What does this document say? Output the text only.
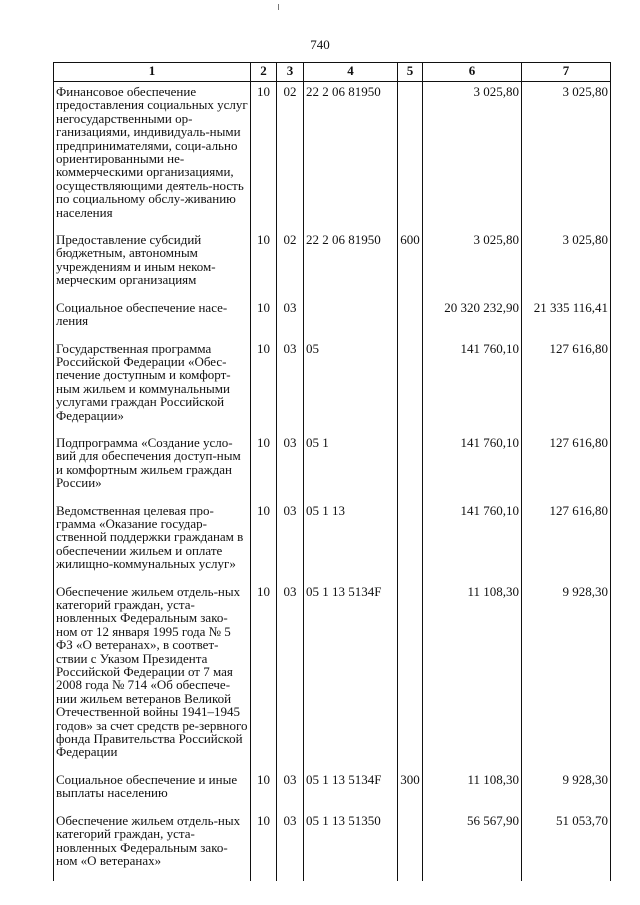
740
1	2	3	4	5	6	7
Финансовое обеспечение предоставления социальных услуг негосударственными ор-ганизациями, индивидуаль-ными предпринимателями, соци-ально ориентированными не-коммерческими организациями, осуществляющими деятель-ность по социальному обслу-живанию населения	10	02	22 2 06 81950		3 025,80	3 025,80
Предоставление субсидий бюджетным, автономным учреждениям и иным неком-мерческим организациям	10	02	22 2 06 81950	600	3 025,80	3 025,80
Социальное обеспечение насе-ления	10	03			20 320 232,90	21 335 116,41
Государственная программа Российской Федерации «Обес-печение доступным и комфорт-ным жильем и коммунальными услугами граждан Российской Федерации»	10	03	05		141 760,10	127 616,80
Подпрограмма «Создание усло-вий для обеспечения доступ-ным и комфортным жильем граждан России»	10	03	05 1		141 760,10	127 616,80
Ведомственная целевая про-грамма «Оказание государ-ственной поддержки гражданам в обеспечении жильем и оплате жилищно-коммунальных услуг»	10	03	05 1 13		141 760,10	127 616,80
Обеспечение жильем отдель-ных категорий граждан, уста-новленных Федеральным зако-ном от 12 января 1995 года № 5 ФЗ «О ветеранах», в соответ-ствии с Указом Президента Российской Федерации от 7 мая 2008 года № 714 «Об обеспече-нии жильем ветеранов Великой Отечественной войны 1941–1945 годов» за счет средств ре-зервного фонда Правительства Российской Федерации	10	03	05 1 13 5134F		11 108,30	9 928,30
Социальное обеспечение и иные выплаты населению	10	03	05 1 13 5134F	300	11 108,30	9 928,30
Обеспечение жильем отдель-ных категорий граждан, уста-новленных Федеральным зако-ном «О ветеранах»	10	03	05 1 13 51350		56 567,90	51 053,70
